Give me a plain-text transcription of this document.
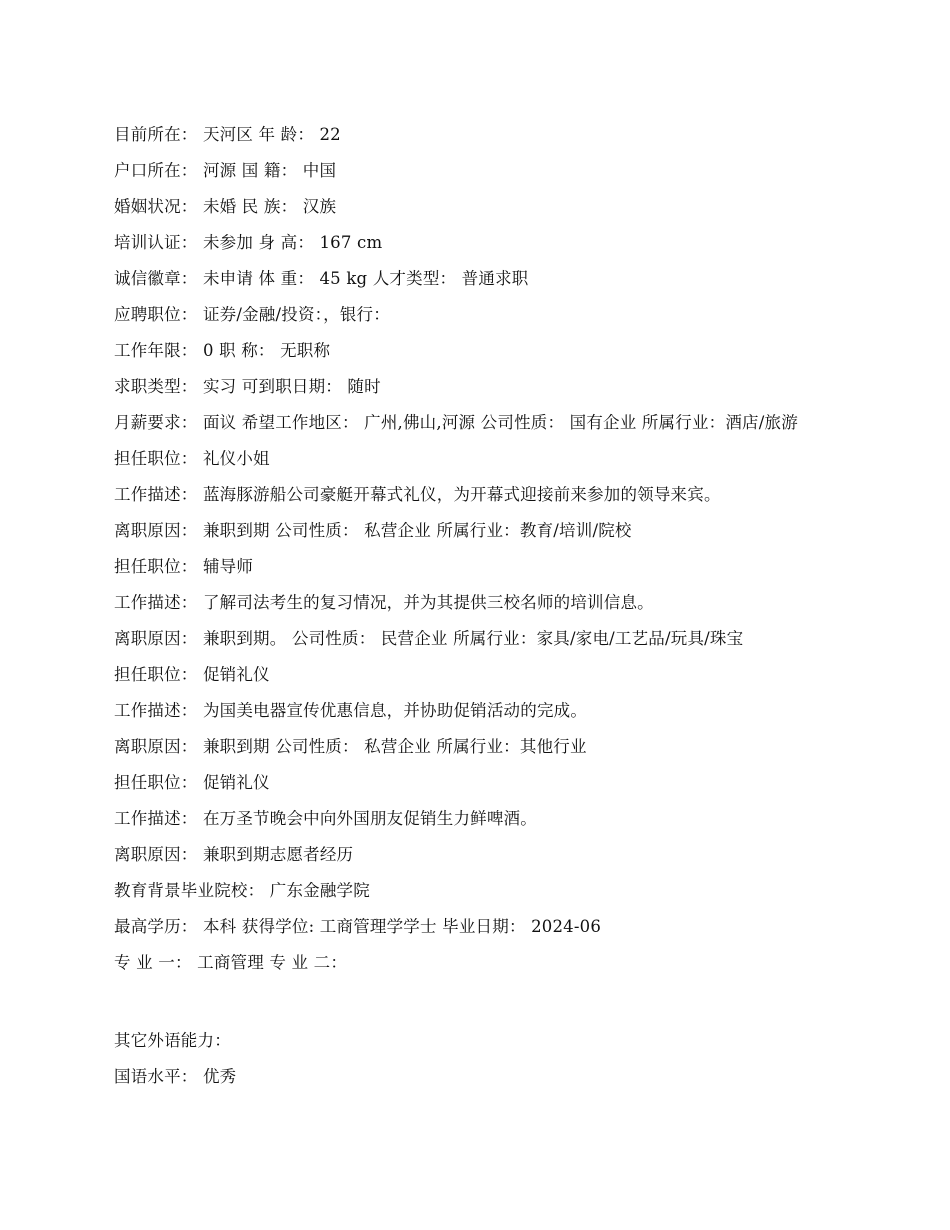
目前所在： 天河区 年 龄： 22
户口所在： 河源 国 籍： 中国
婚姻状况： 未婚 民 族： 汉族
培训认证： 未参加 身 高： 167 cm
诚信徽章： 未申请 体 重： 45 kg 人才类型： 普通求职
应聘职位： 证券/金融/投资：，银行：
工作年限： 0 职 称： 无职称
求职类型： 实习 可到职日期： 随时
月薪要求： 面议 希望工作地区： 广州,佛山,河源 公司性质： 国有企业 所属行业：酒店/旅游
担任职位： 礼仪小姐
工作描述： 蓝海豚游船公司豪艇开幕式礼仪，为开幕式迎接前来参加的领导来宾。
离职原因： 兼职到期 公司性质： 私营企业 所属行业：教育/培训/院校
担任职位： 辅导师
工作描述： 了解司法考生的复习情况，并为其提供三校名师的培训信息。
离职原因： 兼职到期。 公司性质： 民营企业 所属行业：家具/家电/工艺品/玩具/珠宝
担任职位： 促销礼仪
工作描述： 为国美电器宣传优惠信息，并协助促销活动的完成。
离职原因： 兼职到期 公司性质： 私营企业 所属行业：其他行业
担任职位： 促销礼仪
工作描述： 在万圣节晚会中向外国朋友促销生力鲜啤酒。
离职原因： 兼职到期志愿者经历
教育背景毕业院校： 广东金融学院
最高学历： 本科 获得学位: 工商管理学学士 毕业日期： 2024-06
专 业 一： 工商管理 专 业 二：
其它外语能力：
国语水平： 优秀
